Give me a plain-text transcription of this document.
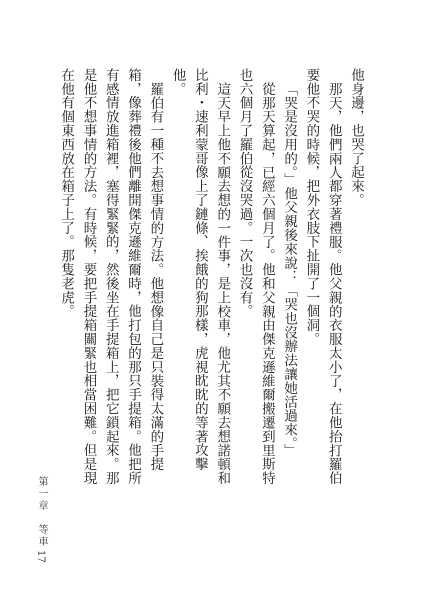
他身邊，也哭了起來。

那天，他們兩人都穿著禮服。他父親的衣服太小了，在他抬打羅伯要他不哭的時候，把外衣肢下扯開了一個洞。

「哭是沒用的。」他父親後來說：「哭也沒辦法讓她活過來。」

從那天算起，已經六個月了。他和父親由傑克遜維爾搬遷到里斯特也六個月了羅伯從沒哭過。一次也沒有。

這天早上他不願去想的一件事，是上校車，他尤其不願去想諾頓和比利・速利蒙哥像上了鏈條、挨餓的狗那樣，虎視眈眈的等著攻擊他。

羅伯有一種不去想事情的方法。他想像自己是只裝得太滿的手提箱，像葬禮後他們離開傑克遜維爾時，他打包的那只手提箱。他把所有感情放進箱裡，塞得緊緊的，然後坐在手提箱上，把它鎖起來。那是他不想事情的方法。有時候，要把手提箱關緊也相當困難。但是現在他有個東西放在箱子上了。那隻老虎。

第一章　等車
17
